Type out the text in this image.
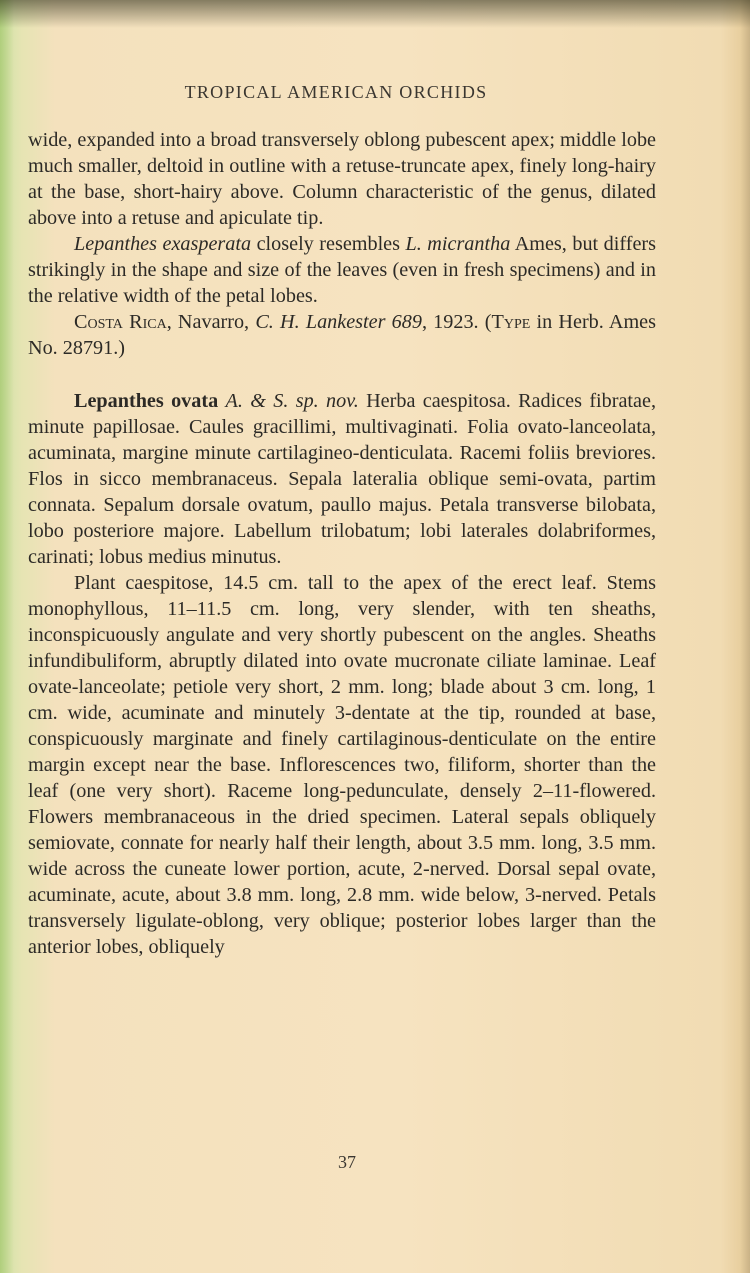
TROPICAL AMERICAN ORCHIDS

wide, expanded into a broad transversely oblong pubescent apex; middle lobe much smaller, deltoid in outline with a retuse-truncate apex, finely long-hairy at the base, short-hairy above. Column characteristic of the genus, dilated above into a retuse and apiculate tip.

Lepanthes exasperata closely resembles L. micrantha Ames, but differs strikingly in the shape and size of the leaves (even in fresh specimens) and in the relative width of the petal lobes.

Costa Rica, Navarro, C. H. Lankester 689, 1923. (Type in Herb. Ames No. 28791.)

Lepanthes ovata A. & S. sp. nov. Herba caespitosa. Radices fibratae, minute papillosae. Caules gracillimi, multivaginati. Folia ovato-lanceolata, acuminata, margine minute cartilagineo-denticulata. Racemi foliis breviores. Flos in sicco membranaceus. Sepala lateralia oblique semi-ovata, partim connata. Sepalum dorsale ovatum, paullo majus. Petala transverse bilobata, lobo posteriore majore. Labellum trilobatum; lobi laterales dolabriformes, carinati; lobus medius minutus.

Plant caespitose, 14.5 cm. tall to the apex of the erect leaf. Stems monophyllous, 11–11.5 cm. long, very slender, with ten sheaths, inconspicuously angulate and very shortly pubescent on the angles. Sheaths infundibuliform, abruptly dilated into ovate mucronate ciliate laminae. Leaf ovate-lanceolate; petiole very short, 2 mm. long; blade about 3 cm. long, 1 cm. wide, acuminate and minutely 3-dentate at the tip, rounded at base, conspicuously marginate and finely cartilaginous-denticulate on the entire margin except near the base. Inflorescences two, filiform, shorter than the leaf (one very short). Raceme long-pedunculate, densely 2–11-flowered. Flowers membranaceous in the dried specimen. Lateral sepals obliquely semiovate, connate for nearly half their length, about 3.5 mm. long, 3.5 mm. wide across the cuneate lower portion, acute, 2-nerved. Dorsal sepal ovate, acuminate, acute, about 3.8 mm. long, 2.8 mm. wide below, 3-nerved. Petals transversely ligulate-oblong, very oblique; posterior lobes larger than the anterior lobes, obliquely

37
